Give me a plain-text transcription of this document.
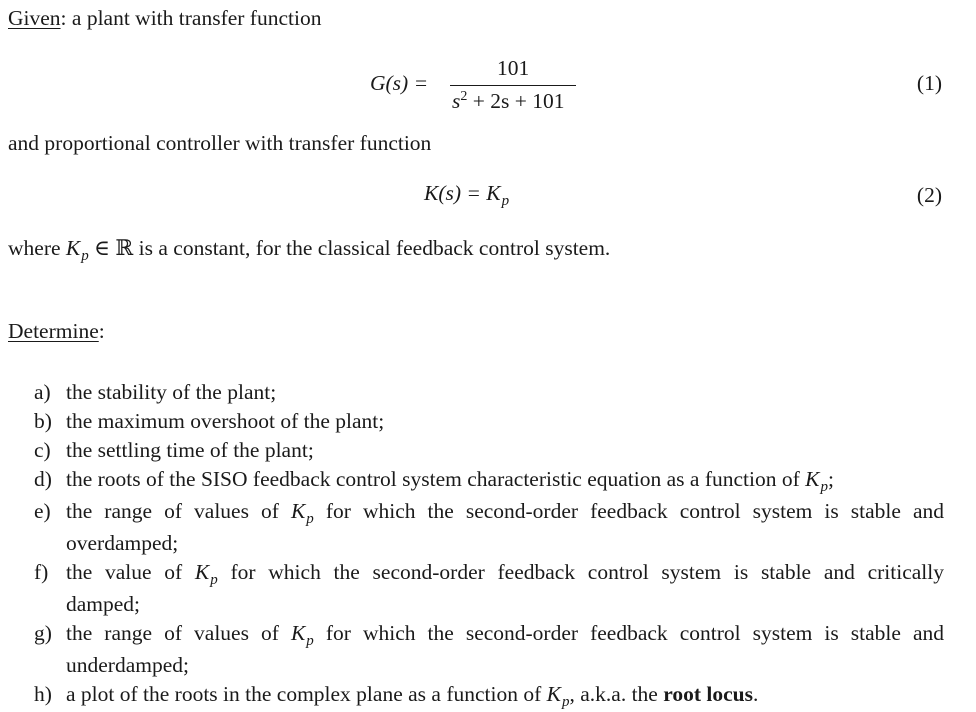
Given: a plant with transfer function
G(s) =
101
$s^2 + 2s + 101$
(1)
and proportional controller with transfer function
$K(s) = K_p$	(2)
where $K_p$ ∈ ℝ is a constant, for the classical feedback control system.
Determine:
a) the stability of the plant;
b) the maximum overshoot of the plant;
c) the settling time of the plant;
d) the roots of the SISO feedback control system characteristic equation as a function of $K_p$;
e) the range of values of $K_p$ for which the second-order feedback control system is stable and
overdamped;
f) the value of $K_p$ for which the second-order feedback control system is stable and critically
damped;
g) the range of values of $K_p$ for which the second-order feedback control system is stable and
underdamped;
h) a plot of the roots in the complex plane as a function of $K_p$, a.k.a. the root locus.
